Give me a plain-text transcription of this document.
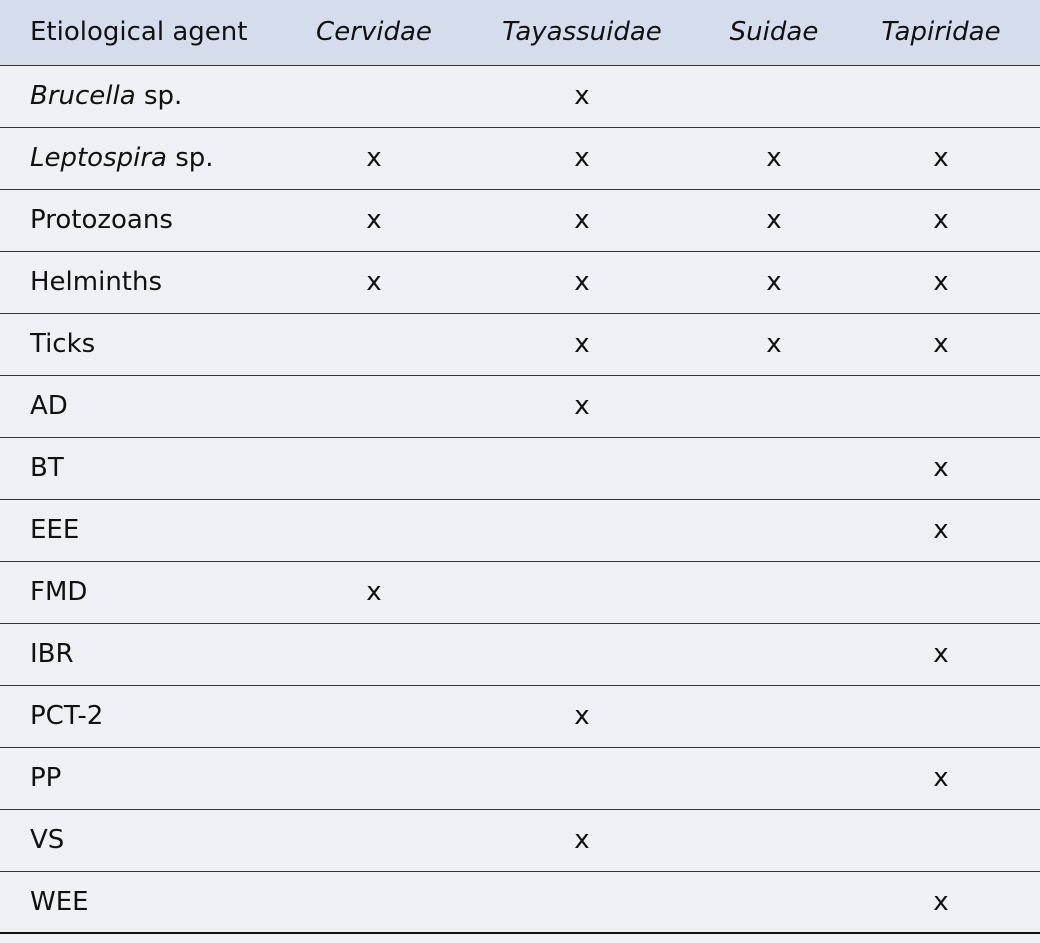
Etiological agent	Cervidae	Tayassuidae	Suidae	Tapiridae
Brucella sp.		x		
Leptospira sp.	x	x	x	x
Protozoans	x	x	x	x
Helminths	x	x	x	x
Ticks		x	x	x
AD		x		
BT				x
EEE				x
FMD	x			
IBR				x
PCT-2		x		
PP				x
VS		x		
WEE				x
